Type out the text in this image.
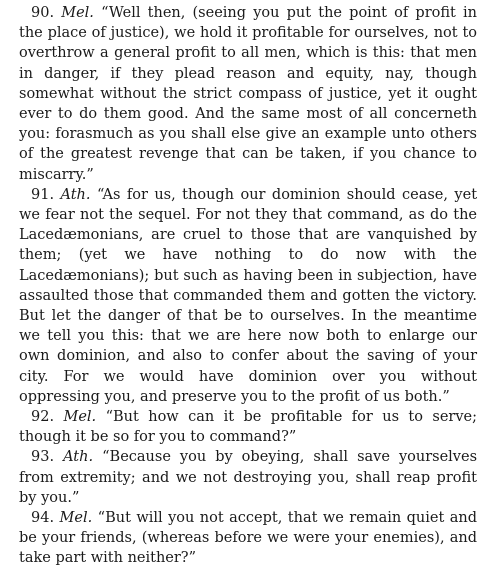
90. Mel. “Well then, (seeing you put the point of profit in the place of justice), we hold it profitable for ourselves, not to overthrow a general profit to all men, which is this: that men in danger, if they plead reason and equity, nay, though somewhat without the strict compass of justice, yet it ought ever to do them good. And the same most of all concerneth you: forasmuch as you shall else give an example unto others of the greatest revenge that can be taken, if you chance to miscarry.”

91. Ath. “As for us, though our dominion should cease, yet we fear not the sequel. For not they that command, as do the Lacedæmonians, are cruel to those that are vanquished by them; (yet we have nothing to do now with the Lacedæmonians); but such as having been in subjection, have assaulted those that commanded them and gotten the victory. But let the danger of that be to ourselves. In the meantime we tell you this: that we are here now both to enlarge our own dominion, and also to confer about the saving of your city. For we would have dominion over you without oppressing you, and preserve you to the profit of us both.”

92. Mel. “But how can it be profitable for us to serve; though it be so for you to command?”

93. Ath. “Because you by obeying, shall save yourselves from extremity; and we not destroying you, shall reap profit by you.”

94. Mel. “But will you not accept, that we remain quiet and be your friends, (whereas before we were your enemies), and take part with neither?”
